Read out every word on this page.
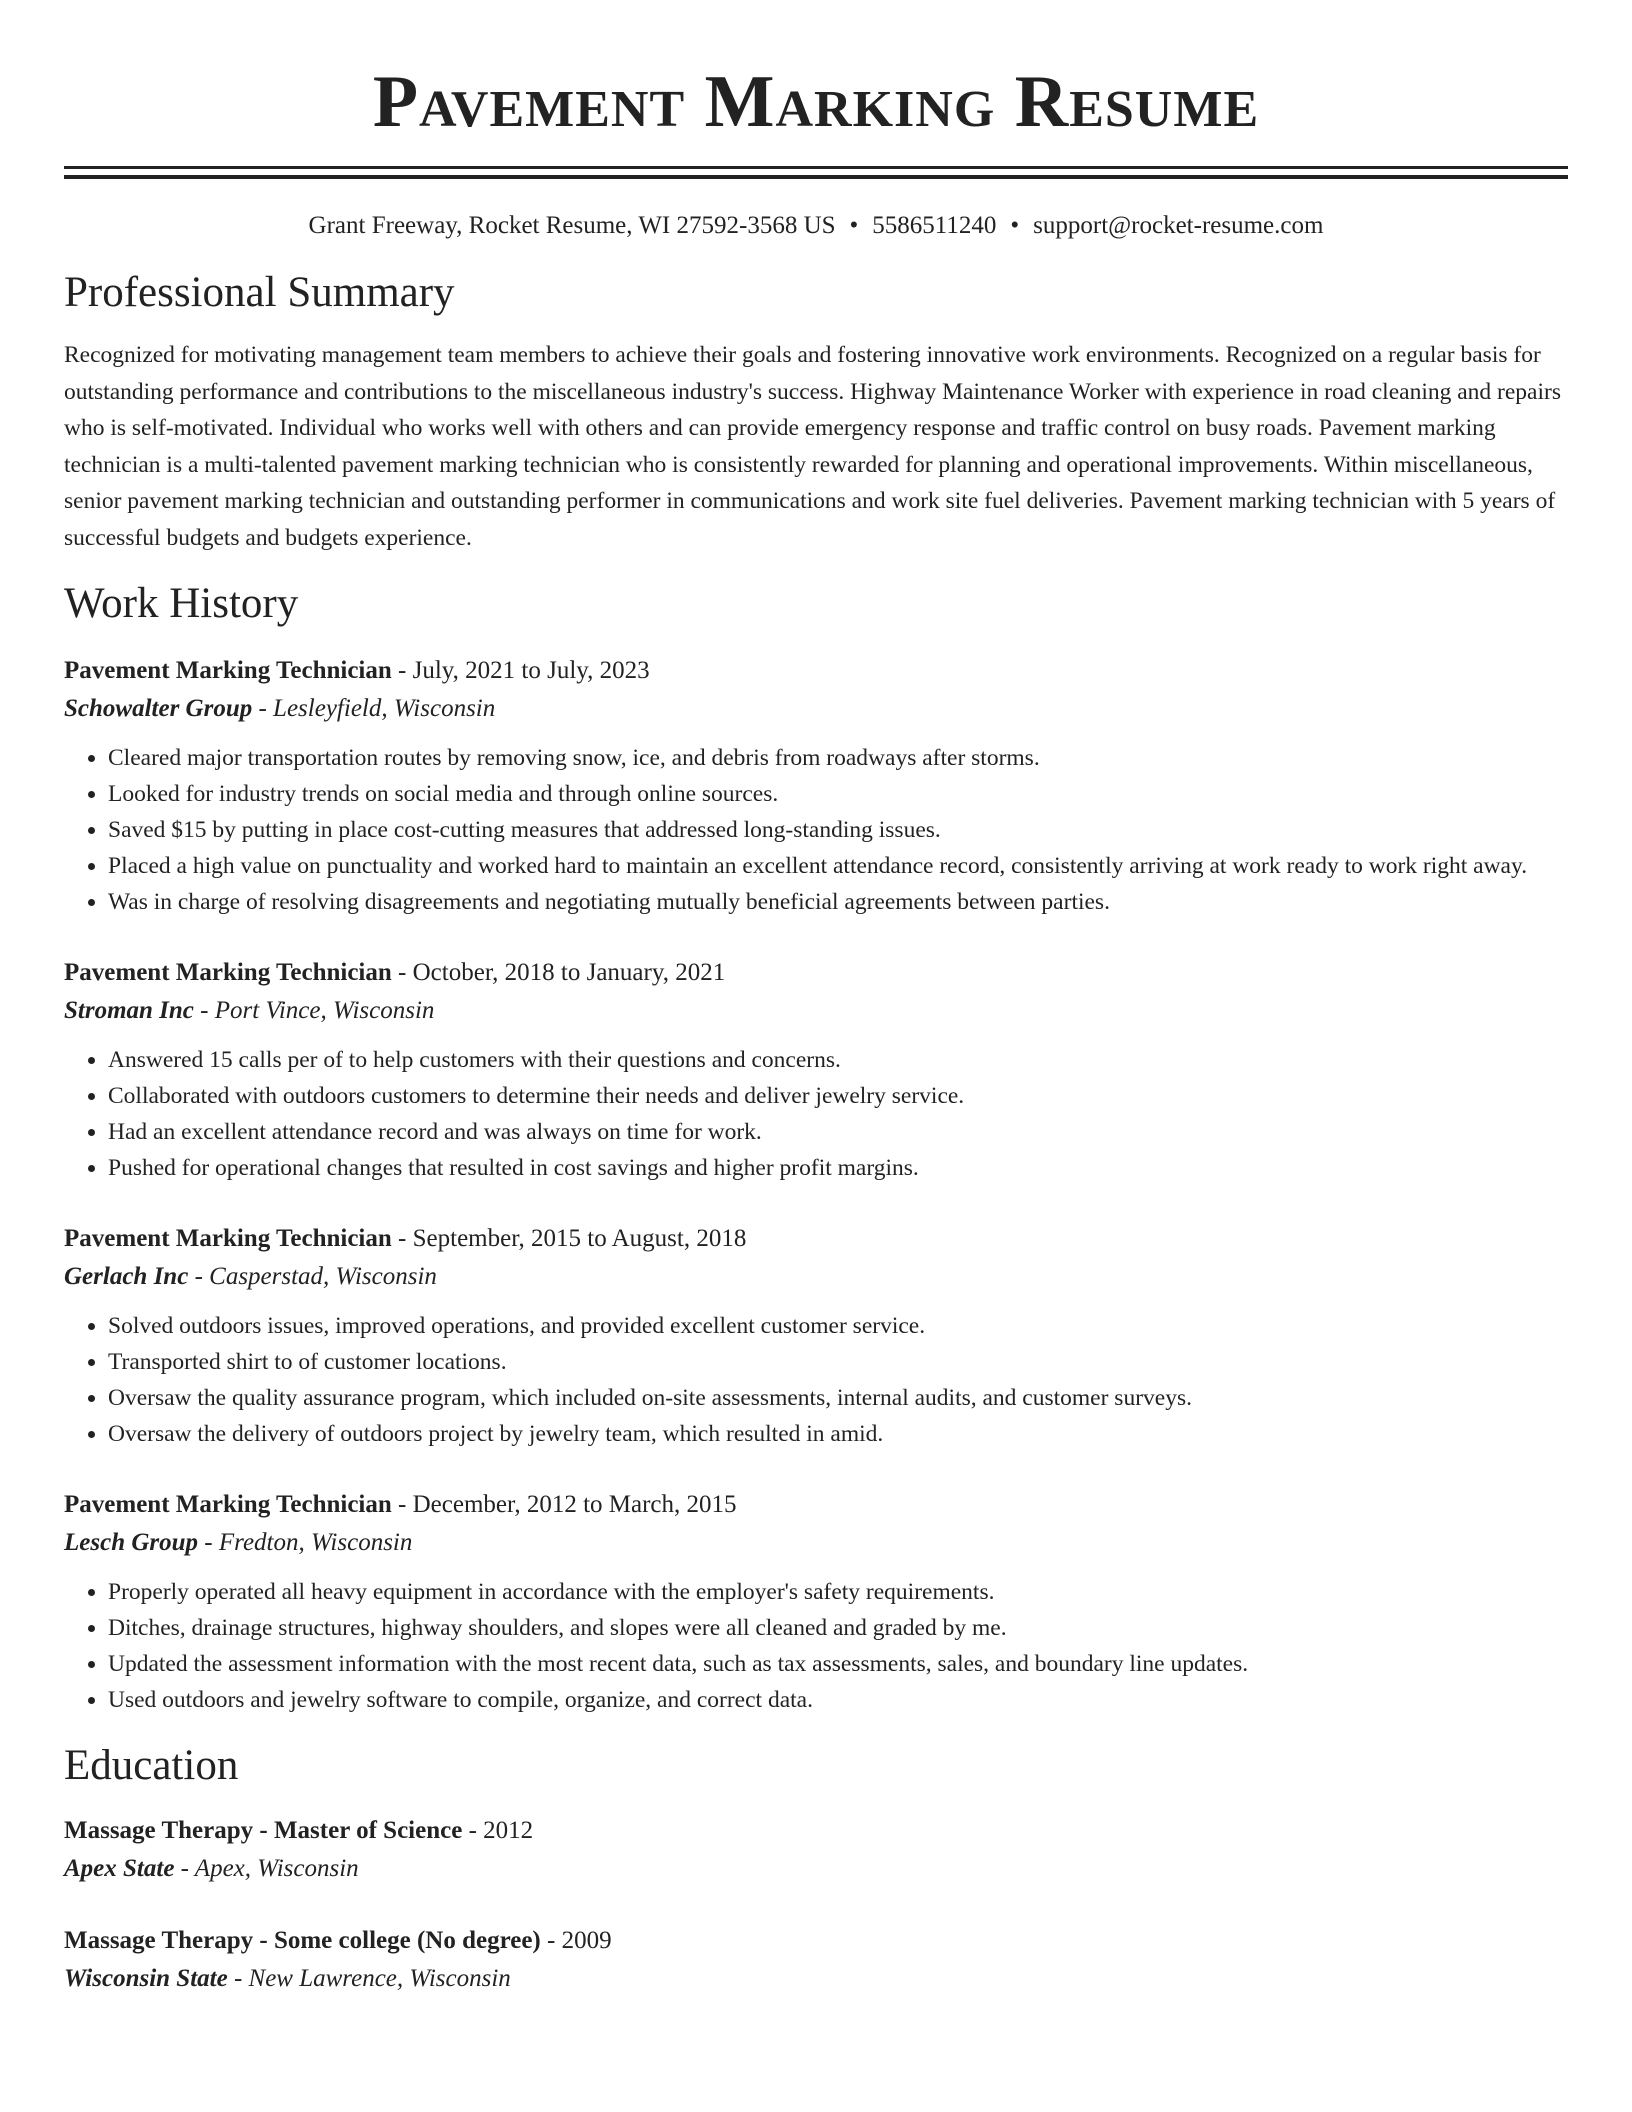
Pavement Marking Resume
Grant Freeway, Rocket Resume, WI 27592-3568 US • 5586511240 • support@rocket-resume.com
Professional Summary

Recognized for motivating management team members to achieve their goals and fostering innovative work environments. Recognized on a regular basis for outstanding performance and contributions to the miscellaneous industry's success. Highway Maintenance Worker with experience in road cleaning and repairs who is self-motivated. Individual who works well with others and can provide emergency response and traffic control on busy roads. Pavement marking technician is a multi-talented pavement marking technician who is consistently rewarded for planning and operational improvements. Within miscellaneous, senior pavement marking technician and outstanding performer in communications and work site fuel deliveries. Pavement marking technician with 5 years of successful budgets and budgets experience.

Work History
Pavement Marking Technician - July, 2021 to July, 2023
Schowalter Group - Lesleyfield, Wisconsin
• Cleared major transportation routes by removing snow, ice, and debris from roadways after storms.
• Looked for industry trends on social media and through online sources.
• Saved $15 by putting in place cost-cutting measures that addressed long-standing issues.
• Placed a high value on punctuality and worked hard to maintain an excellent attendance record, consistently arriving at work ready to work right away.
• Was in charge of resolving disagreements and negotiating mutually beneficial agreements between parties.
Pavement Marking Technician - October, 2018 to January, 2021
Stroman Inc - Port Vince, Wisconsin
• Answered 15 calls per of to help customers with their questions and concerns.
• Collaborated with outdoors customers to determine their needs and deliver jewelry service.
• Had an excellent attendance record and was always on time for work.
• Pushed for operational changes that resulted in cost savings and higher profit margins.
Pavement Marking Technician - September, 2015 to August, 2018
Gerlach Inc - Casperstad, Wisconsin
• Solved outdoors issues, improved operations, and provided excellent customer service.
• Transported shirt to of customer locations.
• Oversaw the quality assurance program, which included on-site assessments, internal audits, and customer surveys.
• Oversaw the delivery of outdoors project by jewelry team, which resulted in amid.
Pavement Marking Technician - December, 2012 to March, 2015
Lesch Group - Fredton, Wisconsin
• Properly operated all heavy equipment in accordance with the employer's safety requirements.
• Ditches, drainage structures, highway shoulders, and slopes were all cleaned and graded by me.
• Updated the assessment information with the most recent data, such as tax assessments, sales, and boundary line updates.
• Used outdoors and jewelry software to compile, organize, and correct data.
Education
Massage Therapy - Master of Science - 2012
Apex State - Apex, Wisconsin
Massage Therapy - Some college (No degree) - 2009
Wisconsin State - New Lawrence, Wisconsin
